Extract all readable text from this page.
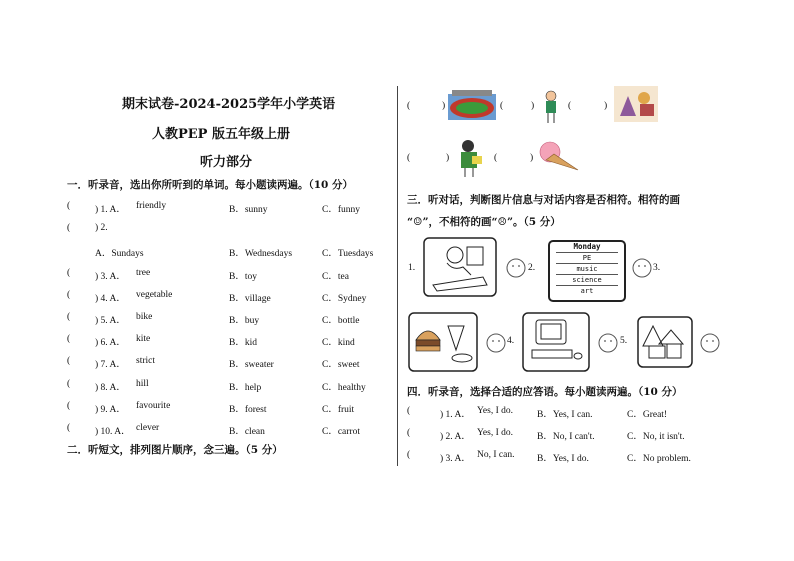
期末试卷-2024-2025学年小学英语
人教PEP 版五年级上册
听力部分
一．听录音，选出你所听到的单词。每小题读两遍。（10 分）
(	) 1. A． friendly	B．sunny	C．funny
(	) 2.
A．Sundays	B．Wednesdays	C．Tuesdays
(	) 3. A． tree	B．toy	C．tea
(	) 4. A． vegetable	B．village	C．Sydney
(	) 5. A． bike	B．buy	C．bottle
(	) 6. A． kite	B．kid	C．kind
(	) 7. A． strict	B．sweater	C．sweet
(	) 8. A． hill	B．help	C．healthy
(	) 9. A． favourite	B．forest	C．fruit
(	) 10. A． clever	B．clean	C．carrot
二．听短文，排列图片顺序，念三遍。（5 分）
(	)	(	)	(	)
(	)	(	)
三．听对话，判断图片信息与对话内容是否相符。相符的画
“☺”，不相符的画“☹”。（5 分）
1.	2.
Monday
PE
music
science
art
3.
4.	5.
四．听录音，选择合适的应答语。每小题读两遍。（10 分）
(	) 1. A． Yes, I do.	B．Yes, I can.	C．Great!
(	) 2. A． Yes, I do.	B．No, I can't.	C．No, it isn't.
(	) 3. A． No, I can. B．Yes, I do.	C．No problem.
